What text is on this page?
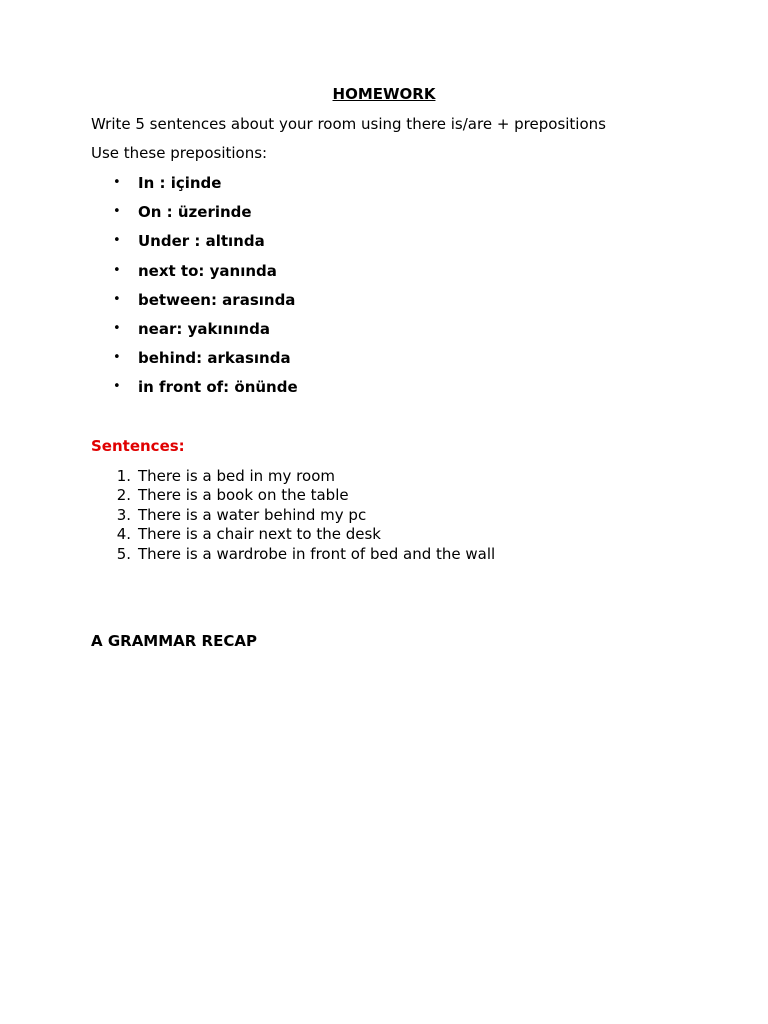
HOMEWORK
Write 5 sentences about your room using there is/are + prepositions
Use these prepositions:
• In : içinde
• On : üzerinde
• Under : altında
• next to: yanında
• between: arasında
• near: yakınında
• behind: arkasında
• in front of: önünde
Sentences:
1. There is a bed in my room
2. There is a book on the table
3. There is a water behind my pc
4. There is a chair next to the desk
5. There is a wardrobe in front of bed and the wall
A GRAMMAR RECAP
